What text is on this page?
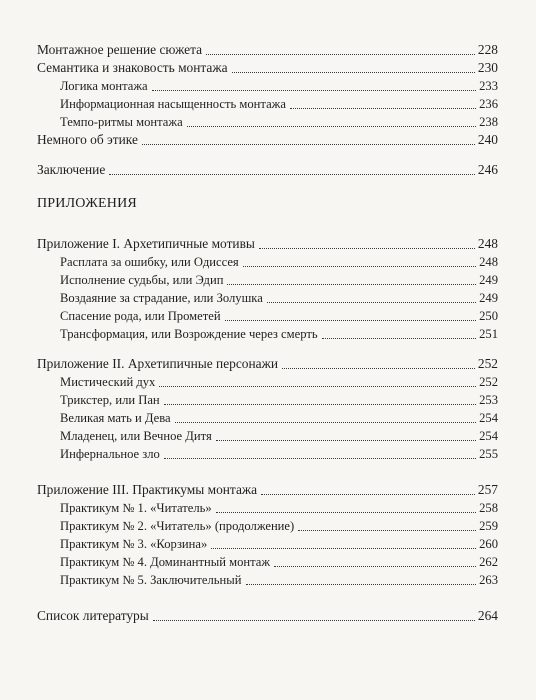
Монтажное решение сюжета	228
Семантика и знаковость монтажа	230
Логика монтажа	233
Информационная насыщенность монтажа	236
Темпо-ритмы монтажа	238
Немного об этике	240
Заключение	246
ПРИЛОЖЕНИЯ
Приложение I. Архетипичные мотивы	248
Расплата за ошибку, или Одиссея	248
Исполнение судьбы, или Эдип	249
Воздаяние за страдание, или Золушка	249
Спасение рода, или Прометей	250
Трансформация, или Возрождение через смерть	251
Приложение II. Архетипичные персонажи	252
Мистический дух	252
Трикстер, или Пан	253
Великая мать и Дева	254
Младенец, или Вечное Дитя	254
Инфернальное зло	255
Приложение III. Практикумы монтажа	257
Практикум № 1. «Читатель»	258
Практикум № 2. «Читатель» (продолжение)	259
Практикум № 3. «Корзина»	260
Практикум № 4. Доминантный монтаж	262
Практикум № 5. Заключительный	263
Список литературы	264
